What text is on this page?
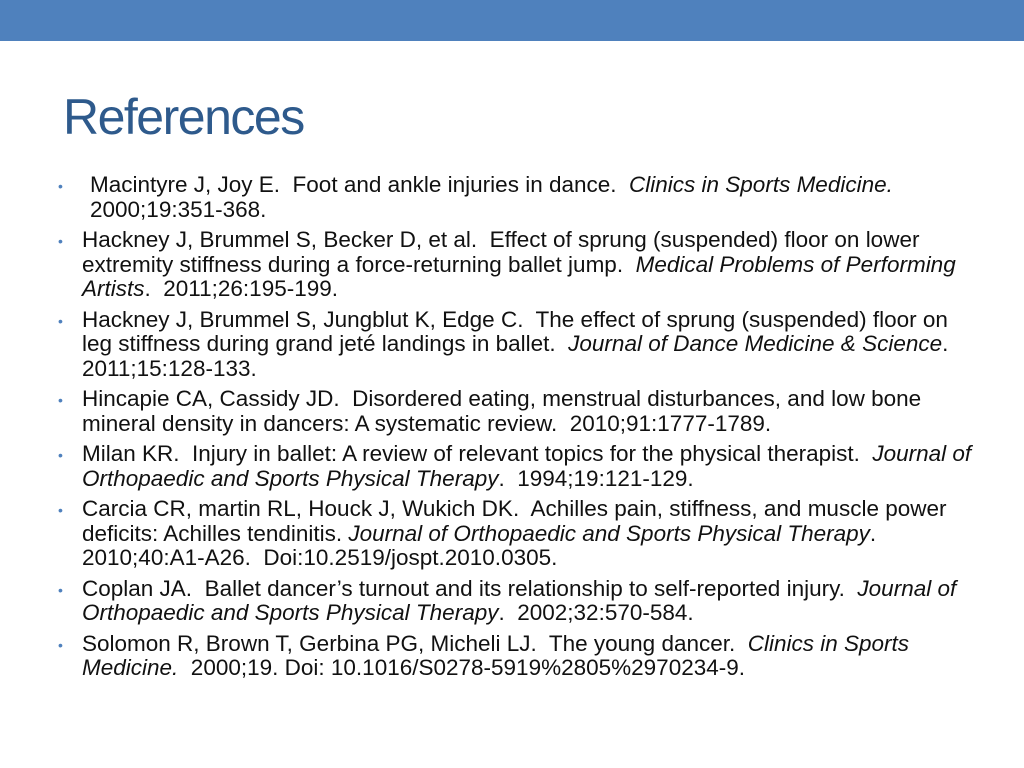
References
• Macintyre J, Joy E.  Foot and ankle injuries in dance.  Clinics in Sports Medicine. 2000;19:351-368.
• Hackney J, Brummel S, Becker D, et al.  Effect of sprung (suspended) floor on lower extremity stiffness during a force-returning ballet jump.  Medical Problems of Performing Artists.  2011;26:195-199.
• Hackney J, Brummel S, Jungblut K, Edge C.  The effect of sprung (suspended) floor on leg stiffness during grand jeté landings in ballet.  Journal of Dance Medicine & Science.  2011;15:128-133.
• Hincapie CA, Cassidy JD.  Disordered eating, menstrual disturbances, and low bone mineral density in dancers: A systematic review.  2010;91:1777-1789.
• Milan KR.  Injury in ballet: A review of relevant topics for the physical therapist.  Journal of Orthopaedic and Sports Physical Therapy.  1994;19:121-129.
• Carcia CR, martin RL, Houck J, Wukich DK.  Achilles pain, stiffness, and muscle power deficits: Achilles tendinitis. Journal of Orthopaedic and Sports Physical Therapy.  2010;40:A1-A26.  Doi:10.2519/jospt.2010.0305.
• Coplan JA.  Ballet dancer’s turnout and its relationship to self-reported injury.  Journal of Orthopaedic and Sports Physical Therapy.  2002;32:570-584.
• Solomon R, Brown T, Gerbina PG, Micheli LJ.  The young dancer.  Clinics in Sports Medicine.  2000;19. Doi: 10.1016/S0278-5919%2805%2970234-9.
